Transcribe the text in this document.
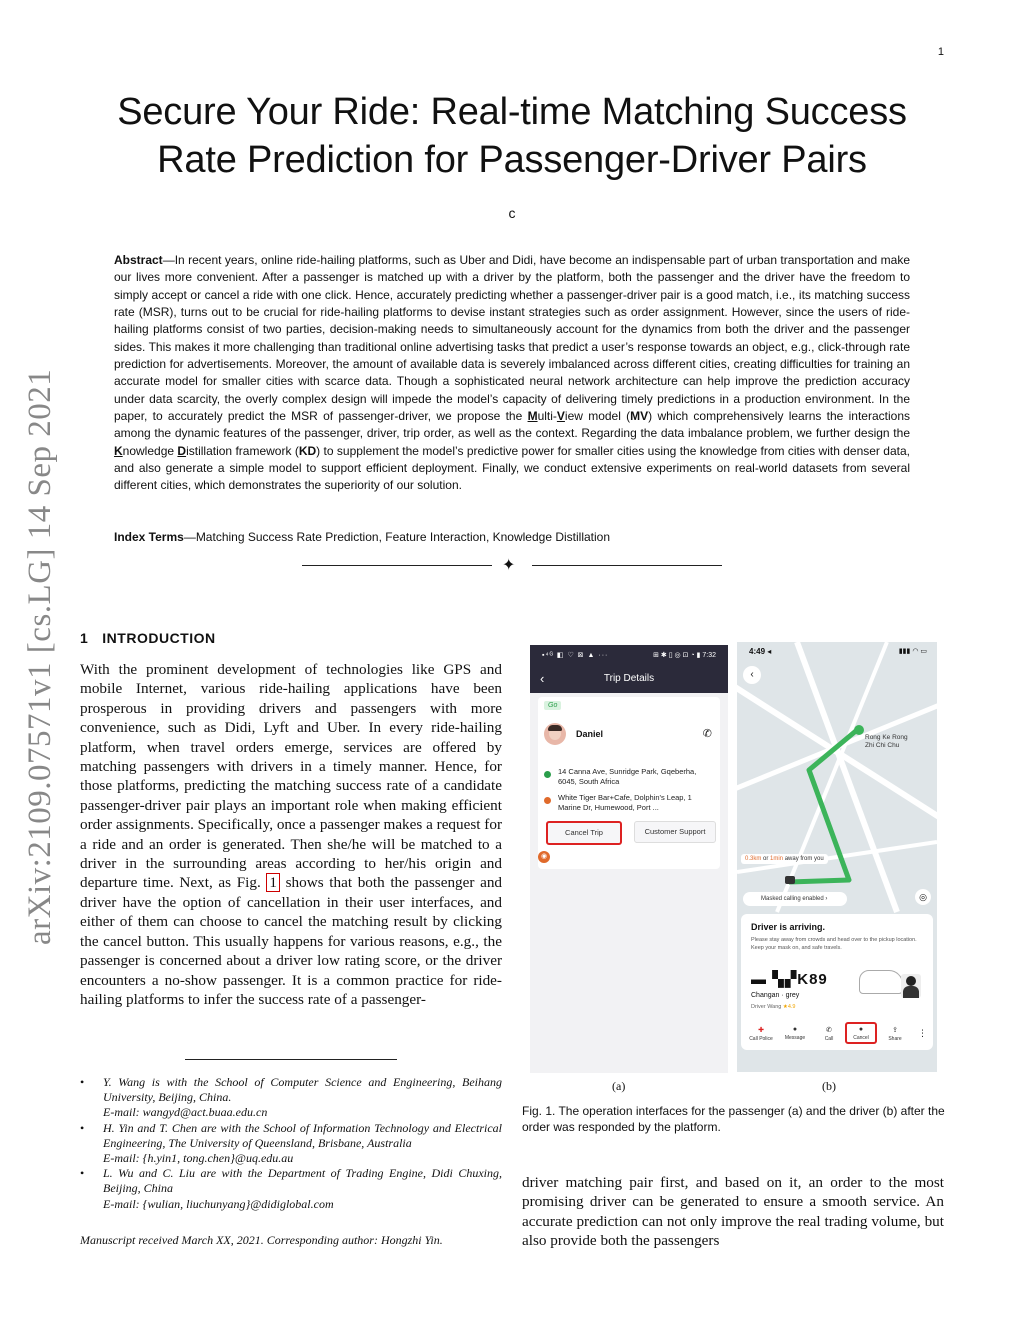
1
Secure Your Ride: Real-time Matching Success
Rate Prediction for Passenger-Driver Pairs
c
Abstract—In recent years, online ride-hailing platforms, such as Uber and Didi, have become an indispensable part of urban transportation and make our lives more convenient. After a passenger is matched up with a driver by the platform, both the passenger and the driver have the freedom to simply accept or cancel a ride with one click. Hence, accurately predicting whether a passenger-driver pair is a good match, i.e., its matching success rate (MSR), turns out to be crucial for ride-hailing platforms to devise instant strategies such as order assignment. However, since the users of ride-hailing platforms consist of two parties, decision-making needs to simultaneously account for the dynamics from both the driver and the passenger sides. This makes it more challenging than traditional online advertising tasks that predict a user’s response towards an object, e.g., click-through rate prediction for advertisements. Moreover, the amount of available data is severely imbalanced across different cities, creating difficulties for training an accurate model for smaller cities with scarce data. Though a sophisticated neural network architecture can help improve the prediction accuracy under data scarcity, the overly complex design will impede the model’s capacity of delivering timely predictions in a production environment. In the paper, to accurately predict the MSR of passenger-driver, we propose the Multi-View model (MV) which comprehensively learns the interactions among the dynamic features of the passenger, driver, trip order, as well as the context. Regarding the data imbalance problem, we further design the Knowledge Distillation framework (KD) to supplement the model’s predictive power for smaller cities using the knowledge from cities with denser data, and also generate a simple model to support efficient deployment. Finally, we conduct extensive experiments on real-world datasets from several different cities, which demonstrates the superiority of our solution.
Index Terms—Matching Success Rate Prediction, Feature Interaction, Knowledge Distillation
✦
arXiv:2109.07571v1 [cs.LG] 14 Sep 2021 1 INTRODUCTION
With the prominent development of technologies like GPS and mobile Internet, various ride-hailing applications have been prosperous in providing drivers and passengers with more convenience, such as Didi, Lyft and Uber. In every ride-hailing platform, when travel orders emerge, services are offered by matching passengers with drivers in a timely manner. Hence, for those platforms, predicting the matching success rate of a candidate passenger-driver pair plays an important role when making efficient order assignments. Specifically, once a passenger makes a request for a ride and an order is generated. Then she/he will be matched to a driver in the surrounding areas according to her/his origin and departure time. Next, as Fig. 1 shows that both the passenger and driver have the option of cancellation in their user interfaces, and either of them can choose to cancel the matching result by clicking the cancel button. This usually happens for various reasons, e.g., the passenger is concerned about a driver low rating score, or the driver encounters a no-show passenger. It is a common practice for ride-hailing platforms to infer the success rate of a passenger-
• Y. Wang is with the School of Computer Science and Engineering, Beihang University, Beijing, China.
E-mail: wangyd@act.buaa.edu.cn
• H. Yin and T. Chen are with the School of Information Technology and Electrical Engineering, The University of Queensland, Brisbane, Australia
E-mail: {h.yin1, tong.chen}@uq.edu.au
• L. Wu and C. Liu are with the Department of Trading Engine, Didi Chuxing, Beijing, China
E-mail: {wulian, liuchunyang}@didiglobal.com
Manuscript received March XX, 2021. Corresponding author: Hongzhi Yin.
▪⁴ᴳ ◧ ♡ ⊠ ▲ ···	⊞ ✱ ▯ ◎ ⊡ ◔ ▮ 7:32
‹	Trip Details
Go
Daniel	✆
14 Canna Ave, Sunridge Park, Gqeberha, 6045, South Africa
White Tiger Bar+Cafe, Dolphin's Leap, 1 Marine Dr, Humewood, Port ...
Cancel Trip	Customer Support
◉
4:49 ◂	▮▮▮ ◠ ▭
‹
Rong Ke Rong
Zhi Chi Chu
0.3km or 1min away from you
Masked calling enabled ›	◎
Driver is arriving.
Please stay away from crowds and head over to the pickup location. Keep your mask on, and safe travels.
▬ ▚▞K89
Changan · grey
Driver Wang ★4.9
✚
Call Police
●
Message
✆
Call
●
Cancel
⇪
Share
⋮
(a)	(b)
Fig. 1. The operation interfaces for the passenger (a) and the driver (b) after the order was responded by the platform.
driver matching pair first, and based on it, an order to the most promising driver can be generated to ensure a smooth service. An accurate prediction can not only improve the real trading volume, but also provide both the passengers
